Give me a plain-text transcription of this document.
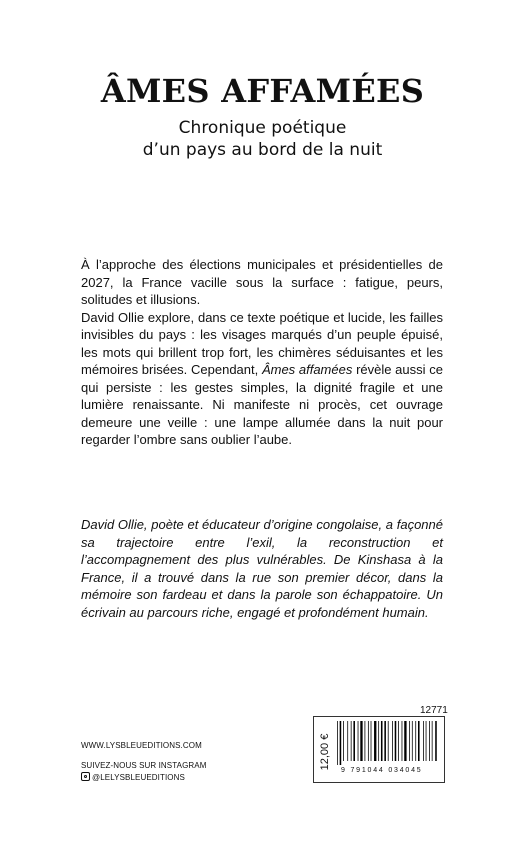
ÂMES AFFAMÉES
Chronique poétique
d’un pays au bord de la nuit

À l’approche des élections municipales et présidentielles de 2027, la France vacille sous la surface : fatigue, peurs, solitudes et illusions.

David Ollie explore, dans ce texte poétique et lucide, les failles invisibles du pays : les visages marqués d’un peuple épuisé, les mots qui brillent trop fort, les chimères séduisantes et les mémoires brisées. Cependant, Âmes affamées révèle aussi ce qui persiste : les gestes simples, la dignité fragile et une lumière renaissante. Ni manifeste ni procès, cet ouvrage demeure une veille : une lampe allumée dans la nuit pour regarder l’ombre sans oublier l’aube.

David Ollie, poète et éducateur d’origine congolaise, a façonné sa trajectoire entre l’exil, la reconstruction et l’accompagnement des plus vulnérables. De Kinshasa à la France, il a trouvé dans la rue son premier décor, dans la mémoire son fardeau et dans la parole son échappatoire. Un écrivain au parcours riche, engagé et profondément humain.
WWW.LYSBLEUEDITIONS.COM
SUIVEZ-NOUS SUR INSTAGRAM
@LELYSBLEUEDITIONS
12771
12,00 €
9 791044 034045
